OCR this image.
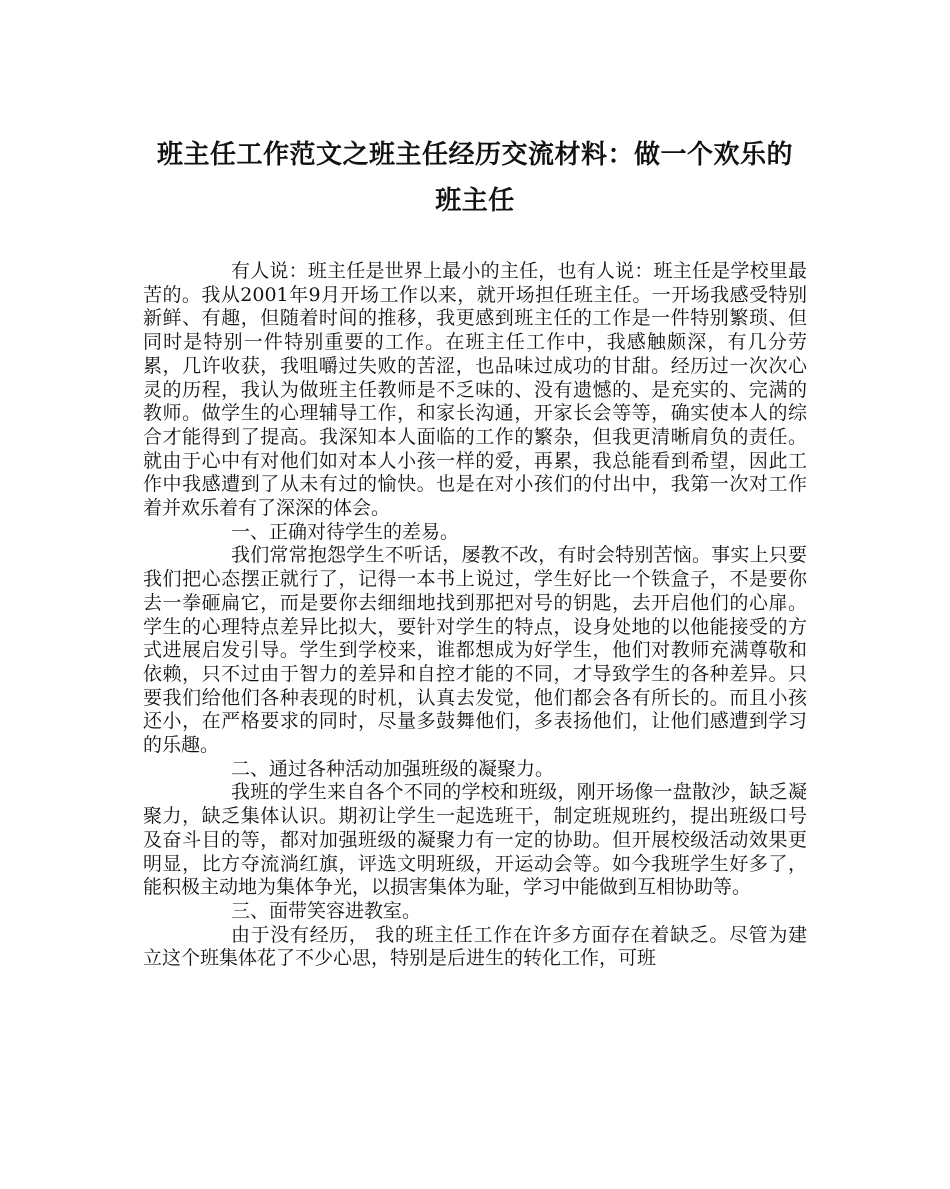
班主任工作范文之班主任经历交流材料：做一个欢乐的
班主任

有人说：班主任是世界上最小的主任，也有人说：班主任是学校里最苦的。我从2001年9月开场工作以来，就开场担任班主任。一开场我感受特别新鲜、有趣，但随着时间的推移，我更感到班主任的工作是一件特别繁琐、但同时是特别一件特别重要的工作。在班主任工作中，我感触颇深，有几分劳累，几许收获，我咀嚼过失败的苦涩，也品味过成功的甘甜。经历过一次次心灵的历程，我认为做班主任教师是不乏味的、没有遗憾的、是充实的、完满的教师。做学生的心理辅导工作，和家长沟通，开家长会等等，确实使本人的综合才能得到了提高。我深知本人面临的工作的繁杂，但我更清晰肩负的责任。就由于心中有对他们如对本人小孩一样的爱，再累，我总能看到希望，因此工作中我感遭到了从未有过的愉快。也是在对小孩们的付出中，我第一次对工作着并欢乐着有了深深的体会。

一、正确对待学生的差易。

我们常常抱怨学生不听话，屡教不改，有时会特别苦恼。事实上只要我们把心态摆正就行了，记得一本书上说过，学生好比一个铁盒子，不是要你去一拳砸扁它，而是要你去细细地找到那把对号的钥匙，去开启他们的心扉。学生的心理特点差异比拟大，要针对学生的特点，设身处地的以他能接受的方式进展启发引导。学生到学校来，谁都想成为好学生，他们对教师充满尊敬和依赖，只不过由于智力的差异和自控才能的不同，才导致学生的各种差异。只要我们给他们各种表现的时机，认真去发觉，他们都会各有所长的。而且小孩还小，在严格要求的同时，尽量多鼓舞他们，多表扬他们，让他们感遭到学习的乐趣。

二、通过各种活动加强班级的凝聚力。

我班的学生来自各个不同的学校和班级，刚开场像一盘散沙，缺乏凝聚力，缺乏集体认识。期初让学生一起选班干，制定班规班约，提出班级口号及奋斗目的等，都对加强班级的凝聚力有一定的协助。但开展校级活动效果更明显，比方夺流淌红旗，评选文明班级，开运动会等。如今我班学生好多了，能积极主动地为集体争光，以损害集体为耻，学习中能做到互相协助等。

三、面带笑容进教室。

由于没有经历， 我的班主任工作在许多方面存在着缺乏。尽管为建立这个班集体花了不少心思，特别是后进生的转化工作，可班
